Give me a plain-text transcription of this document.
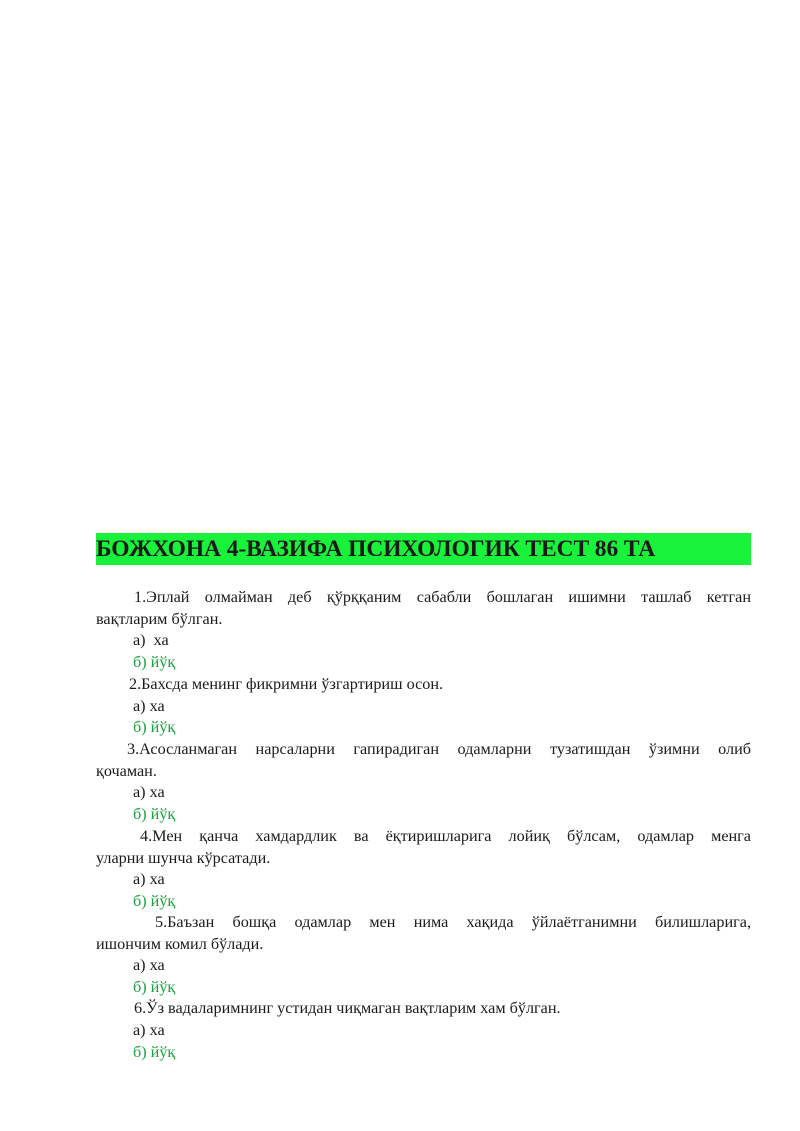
БОЖХОНА 4-ВАЗИФА ПСИХОЛОГИК ТЕСТ 86 ТА
1.Эплай олмайман деб қўрққаним сабабли бошлаган ишимни ташлаб кетган
вақтларим бўлган.
а)  ха
б) йўқ
2.Бахсда менинг фикримни ўзгартириш осон.
а) ха
б) йўқ
3.Асосланмаган нарсаларни гапирадиган одамларни тузатишдан ўзимни олиб
қочаман.
а) ха
б) йўқ
4.Мен қанча хамдардлик ва ёқтиришларига лойиқ бўлсам, одамлар менга
уларни шунча кўрсатади.
а) ха
б) йўқ
5.Баъзан бошқа одамлар мен нима хақида ўйлаётганимни билишларига,
ишончим комил бўлади.
а) ха
б) йўқ
6.Ўз вадаларимнинг устидан чиқмаган вақтларим хам бўлган.
а) ха
б) йўқ
